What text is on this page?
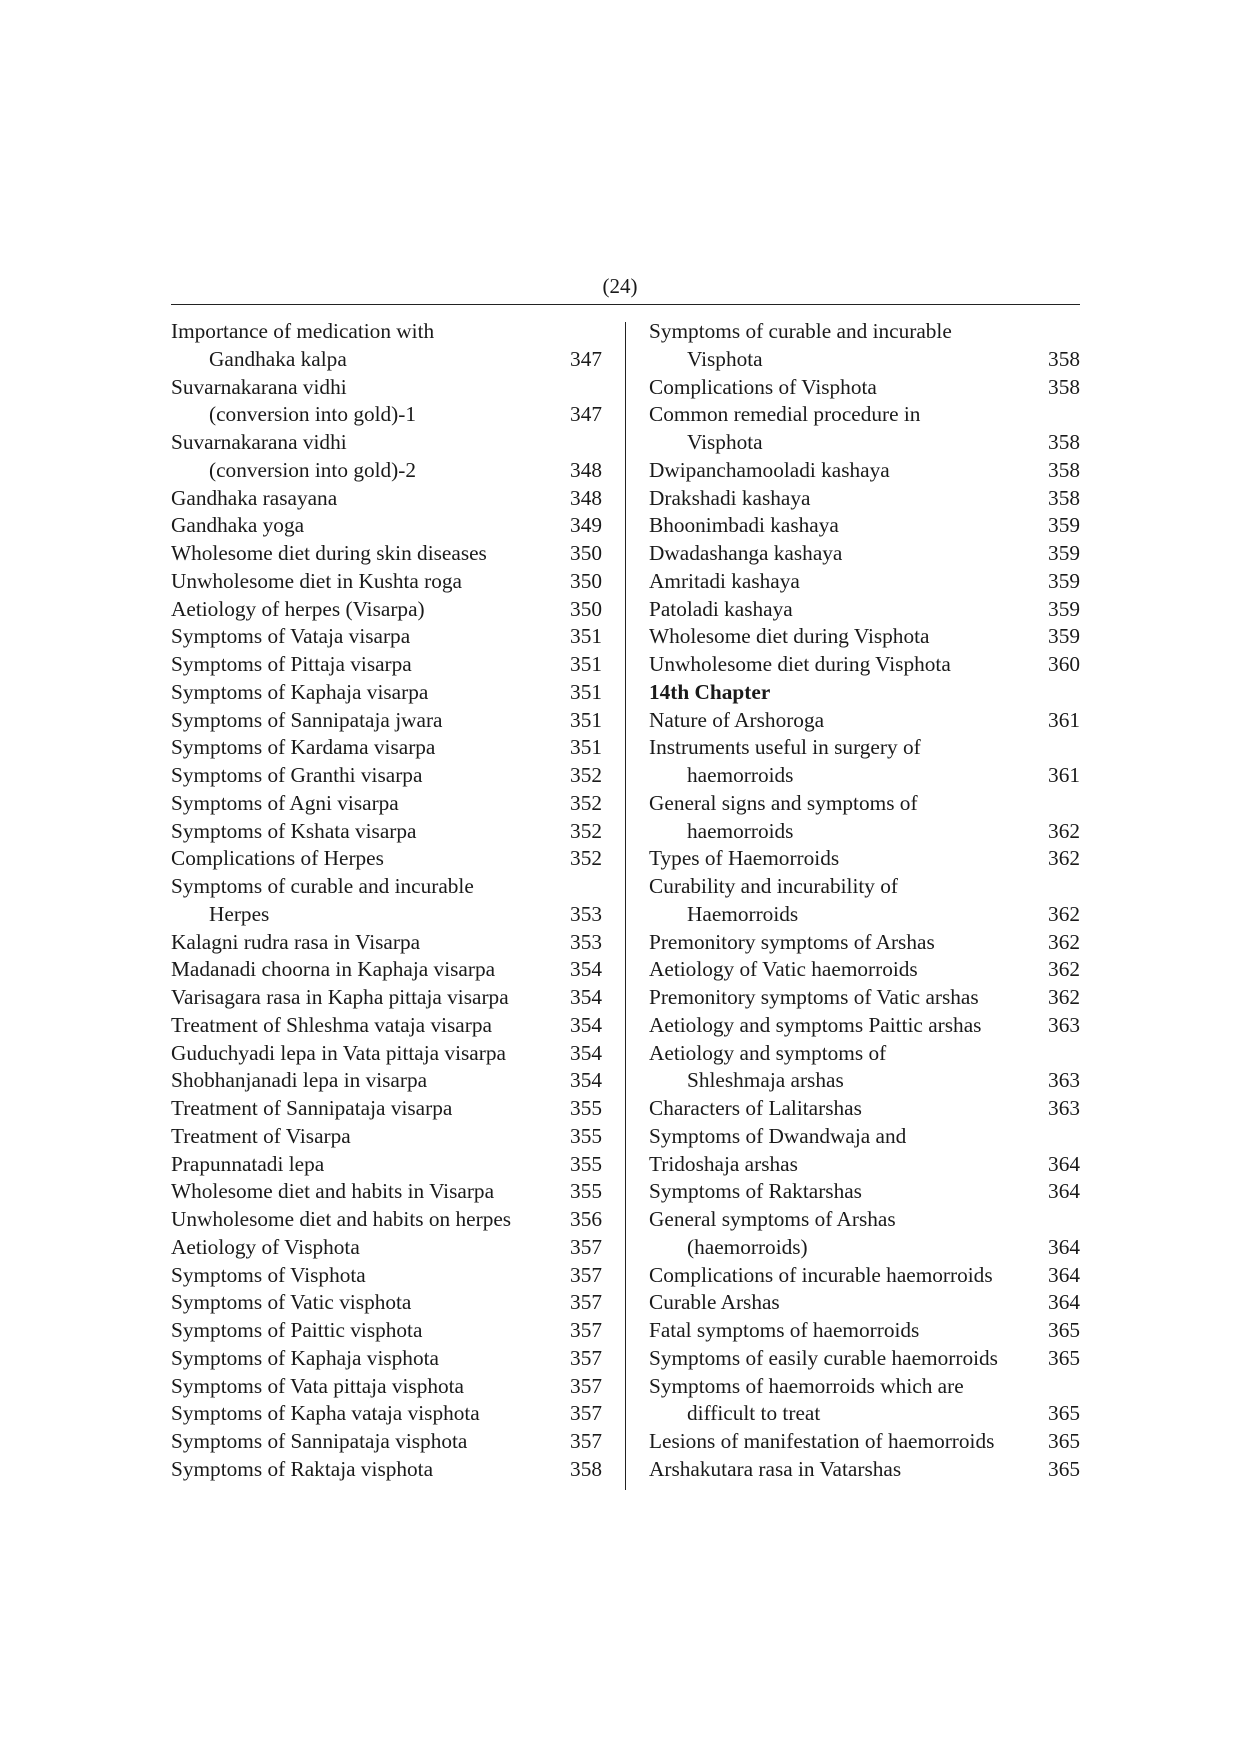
(24)
Importance of medication with
Gandhaka kalpa	347
Suvarnakarana vidhi
(conversion into gold)-1	347
Suvarnakarana vidhi
(conversion into gold)-2	348
Gandhaka rasayana	348
Gandhaka yoga	349
Wholesome diet during skin diseases	350
Unwholesome diet in Kushta roga	350
Aetiology of herpes (Visarpa)	350
Symptoms of Vataja visarpa	351
Symptoms of Pittaja visarpa	351
Symptoms of Kaphaja visarpa	351
Symptoms of Sannipataja jwara	351
Symptoms of Kardama visarpa	351
Symptoms of Granthi visarpa	352
Symptoms of Agni visarpa	352
Symptoms of Kshata visarpa	352
Complications of Herpes	352
Symptoms of curable and incurable
Herpes	353
Kalagni rudra rasa in Visarpa	353
Madanadi choorna in Kaphaja visarpa	354
Varisagara rasa in Kapha pittaja visarpa	354
Treatment of Shleshma vataja visarpa	354
Guduchyadi lepa in Vata pittaja visarpa	354
Shobhanjanadi lepa in visarpa	354
Treatment of Sannipataja visarpa	355
Treatment of Visarpa	355
Prapunnatadi lepa	355
Wholesome diet and habits in Visarpa	355
Unwholesome diet and habits on herpes	356
Aetiology of Visphota	357
Symptoms of Visphota	357
Symptoms of Vatic visphota	357
Symptoms of Paittic visphota	357
Symptoms of Kaphaja visphota	357
Symptoms of Vata pittaja visphota	357
Symptoms of Kapha vataja visphota	357
Symptoms of Sannipataja visphota	357
Symptoms of Raktaja visphota	358
Symptoms of curable and incurable
Visphota	358
Complications of Visphota	358
Common remedial procedure in
Visphota	358
Dwipanchamooladi kashaya	358
Drakshadi kashaya	358
Bhoonimbadi kashaya	359
Dwadashanga kashaya	359
Amritadi kashaya	359
Patoladi kashaya	359
Wholesome diet during Visphota	359
Unwholesome diet during Visphota	360
14th Chapter
Nature of Arshoroga	361
Instruments useful in surgery of
haemorroids	361
General signs and symptoms of
haemorroids	362
Types of Haemorroids	362
Curability and incurability of
Haemorroids	362
Premonitory symptoms of Arshas	362
Aetiology of Vatic haemorroids	362
Premonitory symptoms of Vatic arshas	362
Aetiology and symptoms Paittic arshas	363
Aetiology and symptoms of
Shleshmaja arshas	363
Characters of Lalitarshas	363
Symptoms of Dwandwaja and
Tridoshaja arshas	364
Symptoms of Raktarshas	364
General symptoms of Arshas
(haemorroids)	364
Complications of incurable haemorroids	364
Curable Arshas	364
Fatal symptoms of haemorroids	365
Symptoms of easily curable haemorroids	365
Symptoms of haemorroids which are
difficult to treat	365
Lesions of manifestation of haemorroids	365
Arshakutara rasa in Vatarshas	365
